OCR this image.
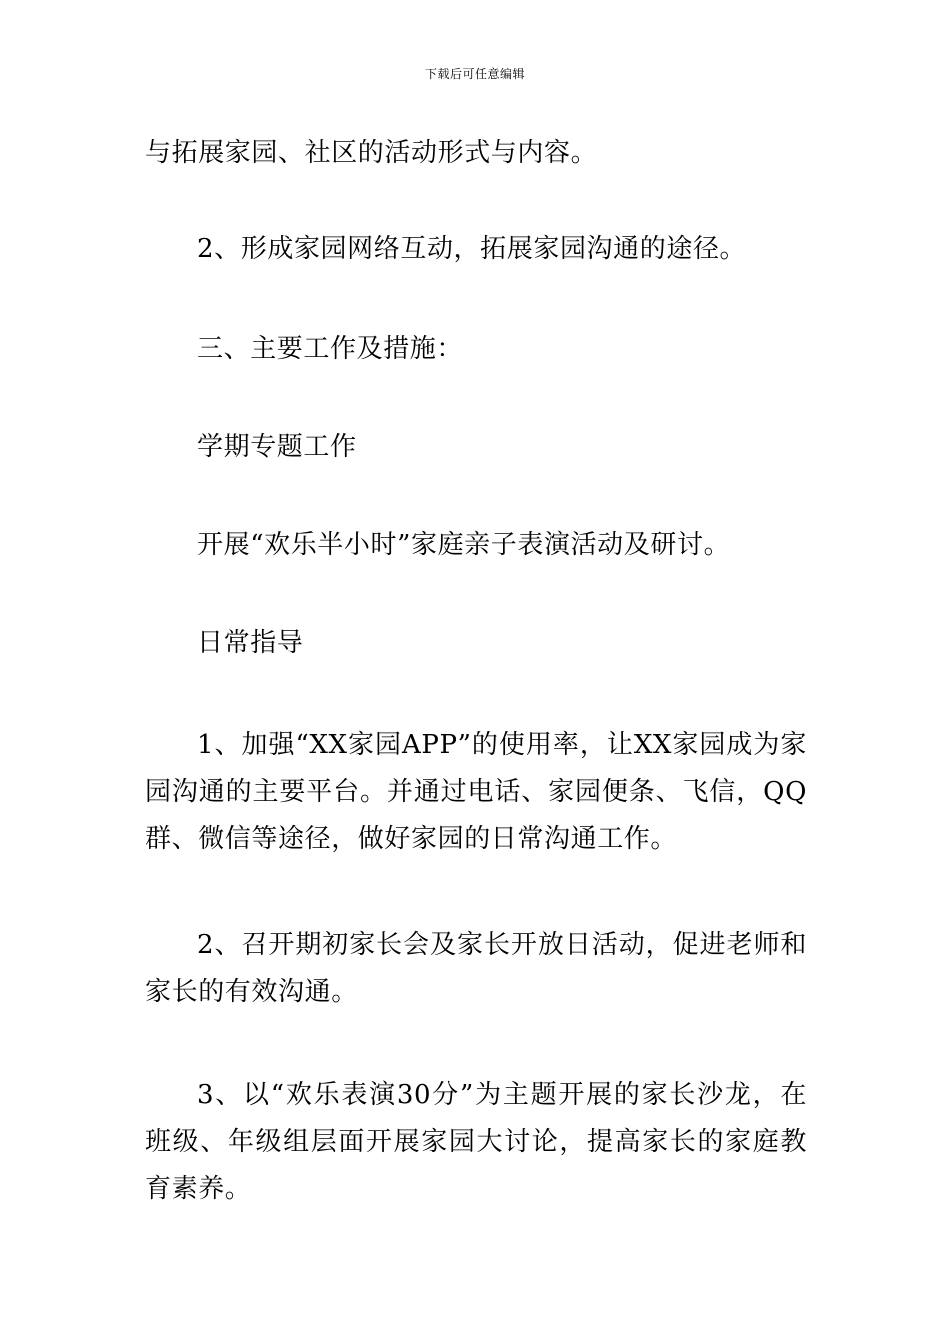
下载后可任意编辑

与拓展家园、社区的活动形式与内容。

2、形成家园网络互动，拓展家园沟通的途径。

三、主要工作及措施：

学期专题工作

开展“欢乐半小时”家庭亲子表演活动及研讨。

日常指导

1、加强“XX家园APP”的使用率，让XX家园成为家园沟通的主要平台。并通过电话、家园便条、飞信，QQ群、微信等途径，做好家园的日常沟通工作。

2、召开期初家长会及家长开放日活动，促进老师和家长的有效沟通。

3、以“欢乐表演30分”为主题开展的家长沙龙，在班级、年级组层面开展家园大讨论，提高家长的家庭教育素养。
